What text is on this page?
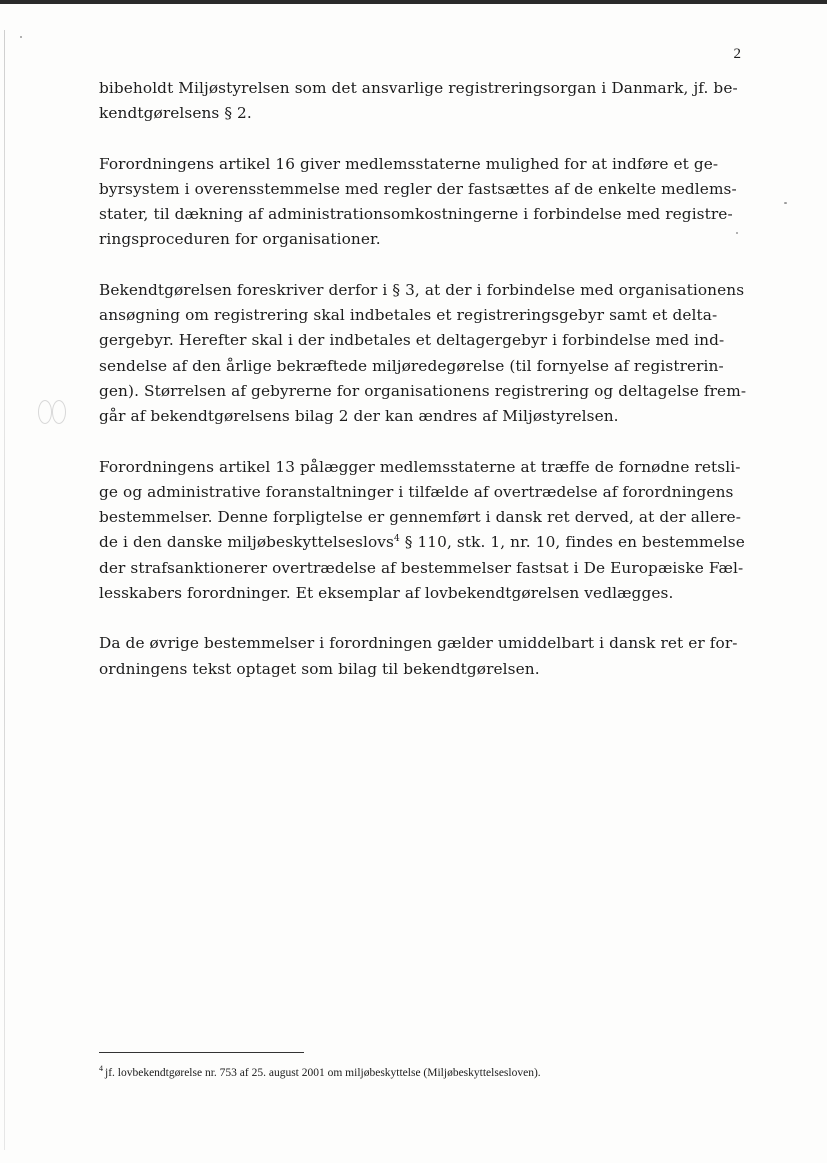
2

bibeholdt Miljøstyrelsen som det ansvarlige registreringsorgan i Danmark, jf. be-
kendtgørelsens § 2.

Forordningens artikel 16 giver medlemsstaterne mulighed for at indføre et ge-
byrsystem i overensstemmelse med regler der fastsættes af de enkelte medlems-
stater, til dækning af administrationsomkostningerne i forbindelse med registre-
ringsproceduren for organisationer.

Bekendtgørelsen foreskriver derfor i § 3, at der i forbindelse med organisationens
ansøgning om registrering skal indbetales et registreringsgebyr samt et delta-
gergebyr. Herefter skal i der indbetales et deltagergebyr i forbindelse med ind-
sendelse af den årlige bekræftede miljøredegørelse (til fornyelse af registrerin-
gen). Størrelsen af gebyrerne for organisationens registrering og deltagelse frem-
går af bekendtgørelsens bilag 2 der kan ændres af Miljøstyrelsen.

Forordningens artikel 13 pålægger medlemsstaterne at træffe de fornødne retsli-
ge og administrative foranstaltninger i tilfælde af overtrædelse af forordningens
bestemmelser. Denne forpligtelse er gennemført i dansk ret derved, at der allere-
de i den danske miljøbeskyttelseslovs$^4$ § 110, stk. 1, nr. 10, findes en bestemmelse
der strafsanktionerer overtrædelse af bestemmelser fastsat i De Europæiske Fæl-
lesskabers forordninger. Et eksemplar af lovbekendtgørelsen vedlægges.

Da de øvrige bestemmelser i forordningen gælder umiddelbart i dansk ret er for-
ordningens tekst optaget som bilag til bekendtgørelsen.

$^4$ jf. lovbekendtgørelse nr. 753 af 25. august 2001 om miljøbeskyttelse (Miljøbeskyttelsesloven).
